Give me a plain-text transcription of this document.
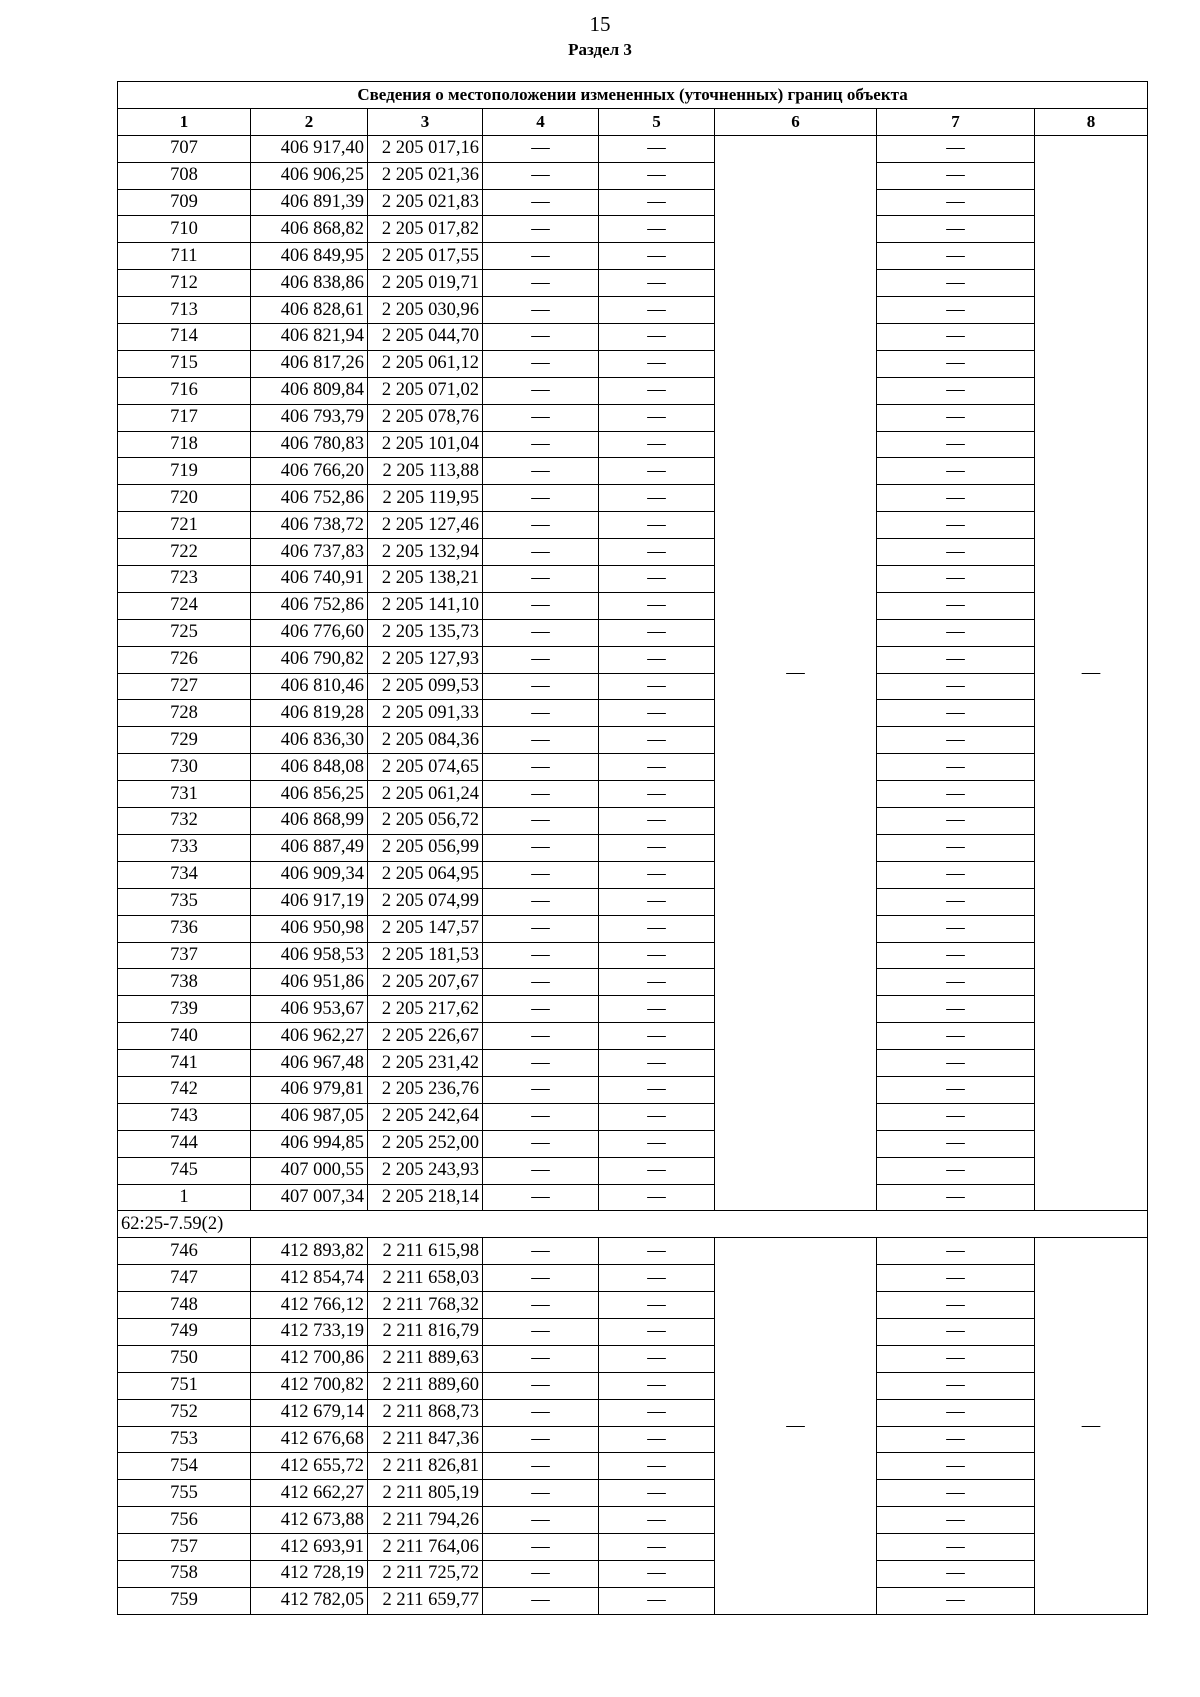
15
Раздел 3
Сведения о местоположении измененных (уточненных) границ объекта							
1	2	3	4	5	6	7	8
707	406 917,40	2 205 017,16	—	—	—	—	—
708	406 906,25	2 205 021,36	—	—		—	
709	406 891,39	2 205 021,83	—	—		—	
710	406 868,82	2 205 017,82	—	—		—	
711	406 849,95	2 205 017,55	—	—		—	
712	406 838,86	2 205 019,71	—	—		—	
713	406 828,61	2 205 030,96	—	—		—	
714	406 821,94	2 205 044,70	—	—		—	
715	406 817,26	2 205 061,12	—	—		—	
716	406 809,84	2 205 071,02	—	—		—	
717	406 793,79	2 205 078,76	—	—		—	
718	406 780,83	2 205 101,04	—	—		—	
719	406 766,20	2 205 113,88	—	—		—	
720	406 752,86	2 205 119,95	—	—		—	
721	406 738,72	2 205 127,46	—	—		—	
722	406 737,83	2 205 132,94	—	—		—	
723	406 740,91	2 205 138,21	—	—		—	
724	406 752,86	2 205 141,10	—	—		—	
725	406 776,60	2 205 135,73	—	—		—	
726	406 790,82	2 205 127,93	—	—		—	
727	406 810,46	2 205 099,53	—	—		—	
728	406 819,28	2 205 091,33	—	—		—	
729	406 836,30	2 205 084,36	—	—		—	
730	406 848,08	2 205 074,65	—	—		—	
731	406 856,25	2 205 061,24	—	—		—	
732	406 868,99	2 205 056,72	—	—		—	
733	406 887,49	2 205 056,99	—	—		—	
734	406 909,34	2 205 064,95	—	—		—	
735	406 917,19	2 205 074,99	—	—		—	
736	406 950,98	2 205 147,57	—	—		—	
737	406 958,53	2 205 181,53	—	—		—	
738	406 951,86	2 205 207,67	—	—		—	
739	406 953,67	2 205 217,62	—	—		—	
740	406 962,27	2 205 226,67	—	—		—	
741	406 967,48	2 205 231,42	—	—		—	
742	406 979,81	2 205 236,76	—	—		—	
743	406 987,05	2 205 242,64	—	—		—	
744	406 994,85	2 205 252,00	—	—		—	
745	407 000,55	2 205 243,93	—	—		—	
1	407 007,34	2 205 218,14	—	—		—	
62:25-7.59(2)							
746	412 893,82	2 211 615,98	—	—	—	—	—
747	412 854,74	2 211 658,03	—	—		—	
748	412 766,12	2 211 768,32	—	—		—	
749	412 733,19	2 211 816,79	—	—		—	
750	412 700,86	2 211 889,63	—	—		—	
751	412 700,82	2 211 889,60	—	—		—	
752	412 679,14	2 211 868,73	—	—		—	
753	412 676,68	2 211 847,36	—	—		—	
754	412 655,72	2 211 826,81	—	—		—	
755	412 662,27	2 211 805,19	—	—		—	
756	412 673,88	2 211 794,26	—	—		—	
757	412 693,91	2 211 764,06	—	—		—	
758	412 728,19	2 211 725,72	—	—		—	
759	412 782,05	2 211 659,77	—	—		—	
